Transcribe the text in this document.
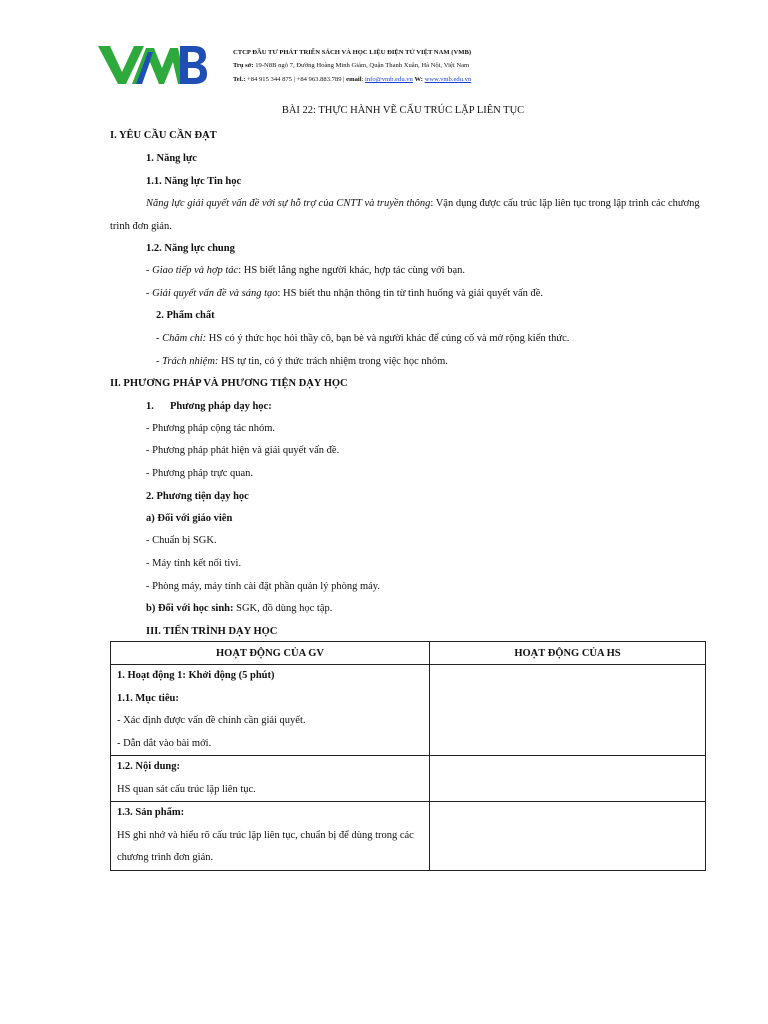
CTCP ĐẦU TƯ PHÁT TRIỂN SÁCH VÀ HỌC LIỆU ĐIỆN TỬ VIỆT NAM (VMB)
Trụ sở: 19-N8B ngõ 7, Đường Hoàng Minh Giám, Quận Thanh Xuân, Hà Nội, Việt Nam
Tel.: +84 915 344 875 | +84 963.883.789 | email: info@vmb.edu.vn W: www.vmb.edu.vn
BÀI 22: THỰC HÀNH VẼ CẤU TRÚC LẶP LIÊN TỤC
I. YÊU CẦU CẦN ĐẠT
1. Năng lực
1.1. Năng lực Tin học
Năng lực giải quyết vấn đề với sự hỗ trợ của CNTT và truyền thông: Vận dụng được cấu trúc lặp liên tục trong lập trình các chương
trình đơn giản.
1.2. Năng lực chung
- Giao tiếp và hợp tác: HS biết lắng nghe người khác, hợp tác cùng với bạn.
- Giải quyết vấn đề và sáng tạo: HS biết thu nhận thông tin từ tình huống và giải quyết vấn đề.
2. Phẩm chất
- Chăm chỉ: HS có ý thức học hỏi thầy cô, bạn bè và người khác để củng cố và mở rộng kiến thức.
- Trách nhiệm: HS tự tin, có ý thức trách nhiệm trong việc học nhóm.
II. PHƯƠNG PHÁP VÀ PHƯƠNG TIỆN DẠY HỌC
1. Phương pháp dạy học:
- Phương pháp cộng tác nhóm.
- Phương pháp phát hiện và giải quyết vấn đề.
- Phương pháp trực quan.
2. Phương tiện dạy học
a) Đối với giáo viên
- Chuẩn bị SGK.
- Máy tính kết nối tivi.
- Phòng máy, máy tính cài đặt phần quản lý phòng máy.
b) Đối với học sinh: SGK, đồ dùng học tập.
III. TIẾN TRÌNH DẠY HỌC
HOẠT ĐỘNG CỦA GV	HOẠT ĐỘNG CỦA HS

1. Hoạt động 1: Khởi động (5 phút)
1.1. Mục tiêu:
- Xác định được vấn đề chính cần giải quyết.
- Dẫn dắt vào bài mới.	

1.2. Nội dung:
HS quan sát cấu trúc lặp liên tục.	

1.3. Sản phẩm:
HS ghi nhớ và hiểu rõ cấu trúc lặp liên tục, chuẩn bị để dùng trong các
chương trình đơn giản.	
